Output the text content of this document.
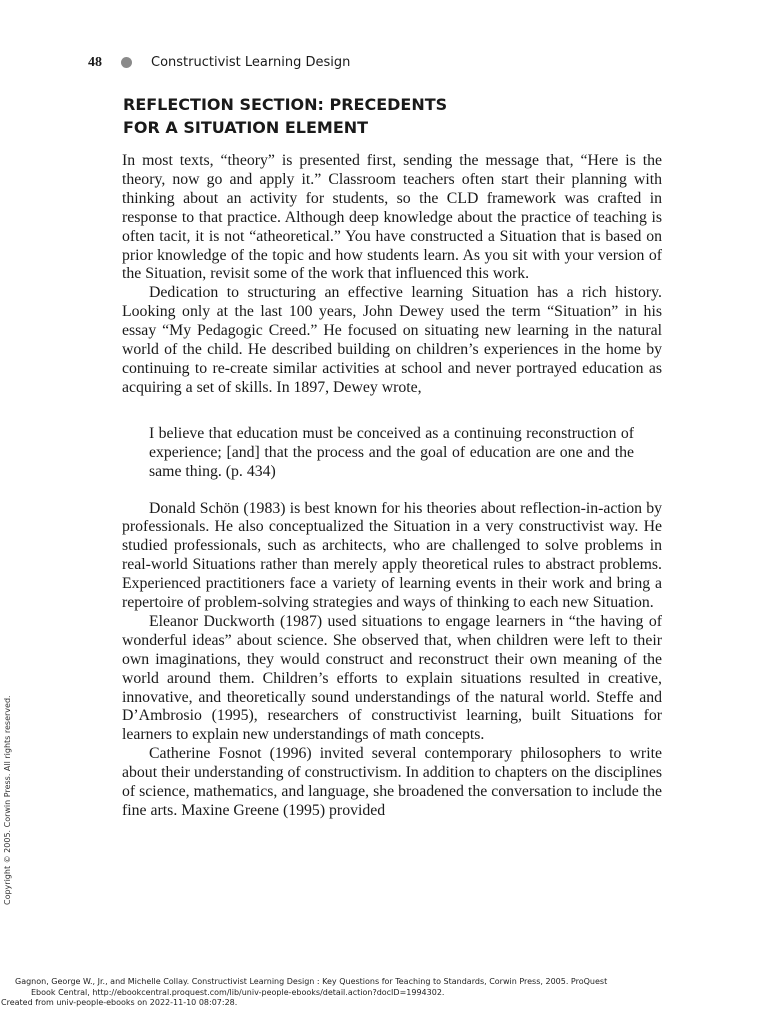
48	Constructivist Learning Design
REFLECTION SECTION: PRECEDENTS
FOR A SITUATION ELEMENT

In most texts, “theory” is presented first, sending the message that, “Here is the theory, now go and apply it.” Classroom teachers often start their planning with thinking about an activity for students, so the CLD framework was crafted in response to that practice. Although deep knowledge about the practice of teaching is often tacit, it is not “atheoretical.” You have constructed a Situation that is based on prior knowledge of the topic and how students learn. As you sit with your version of the Situation, revisit some of the work that influenced this work.

Dedication to structuring an effective learning Situation has a rich history. Looking only at the last 100 years, John Dewey used the term “Situation” in his essay “My Pedagogic Creed.” He focused on situating new learning in the natural world of the child. He described building on children’s experiences in the home by continuing to re-create similar activities at school and never portrayed education as acquiring a set of skills. In 1897, Dewey wrote,

I believe that education must be conceived as a continuing reconstruction of experience; [and] that the process and the goal of education are one and the same thing. (p. 434)

Donald Schön (1983) is best known for his theories about reflection-in-action by professionals. He also conceptualized the Situation in a very constructivist way. He studied professionals, such as architects, who are challenged to solve problems in real-world Situations rather than merely apply theoretical rules to abstract problems. Experienced practitioners face a variety of learning events in their work and bring a repertoire of problem-solving strategies and ways of thinking to each new Situation.

Eleanor Duckworth (1987) used situations to engage learners in “the having of wonderful ideas” about science. She observed that, when children were left to their own imaginations, they would construct and reconstruct their own meaning of the world around them. Children’s efforts to explain situations resulted in creative, innovative, and theoretically sound understandings of the natural world. Steffe and D’Ambrosio (1995), researchers of constructivist learning, built Situations for learners to explain new understandings of math concepts.

Catherine Fosnot (1996) invited several contemporary philosophers to write about their understanding of constructivism. In addition to chapters on the disciplines of science, mathematics, and language, she broadened the conversation to include the fine arts. Maxine Greene (1995) provided

Copyright © 2005. Corwin Press. All rights reserved.
Gagnon, George W., Jr., and Michelle Collay. Constructivist Learning Design : Key Questions for Teaching to Standards, Corwin Press, 2005. ProQuest
Ebook Central, http://ebookcentral.proquest.com/lib/univ-people-ebooks/detail.action?docID=1994302.
Created from univ-people-ebooks on 2022-11-10 08:07:28.
